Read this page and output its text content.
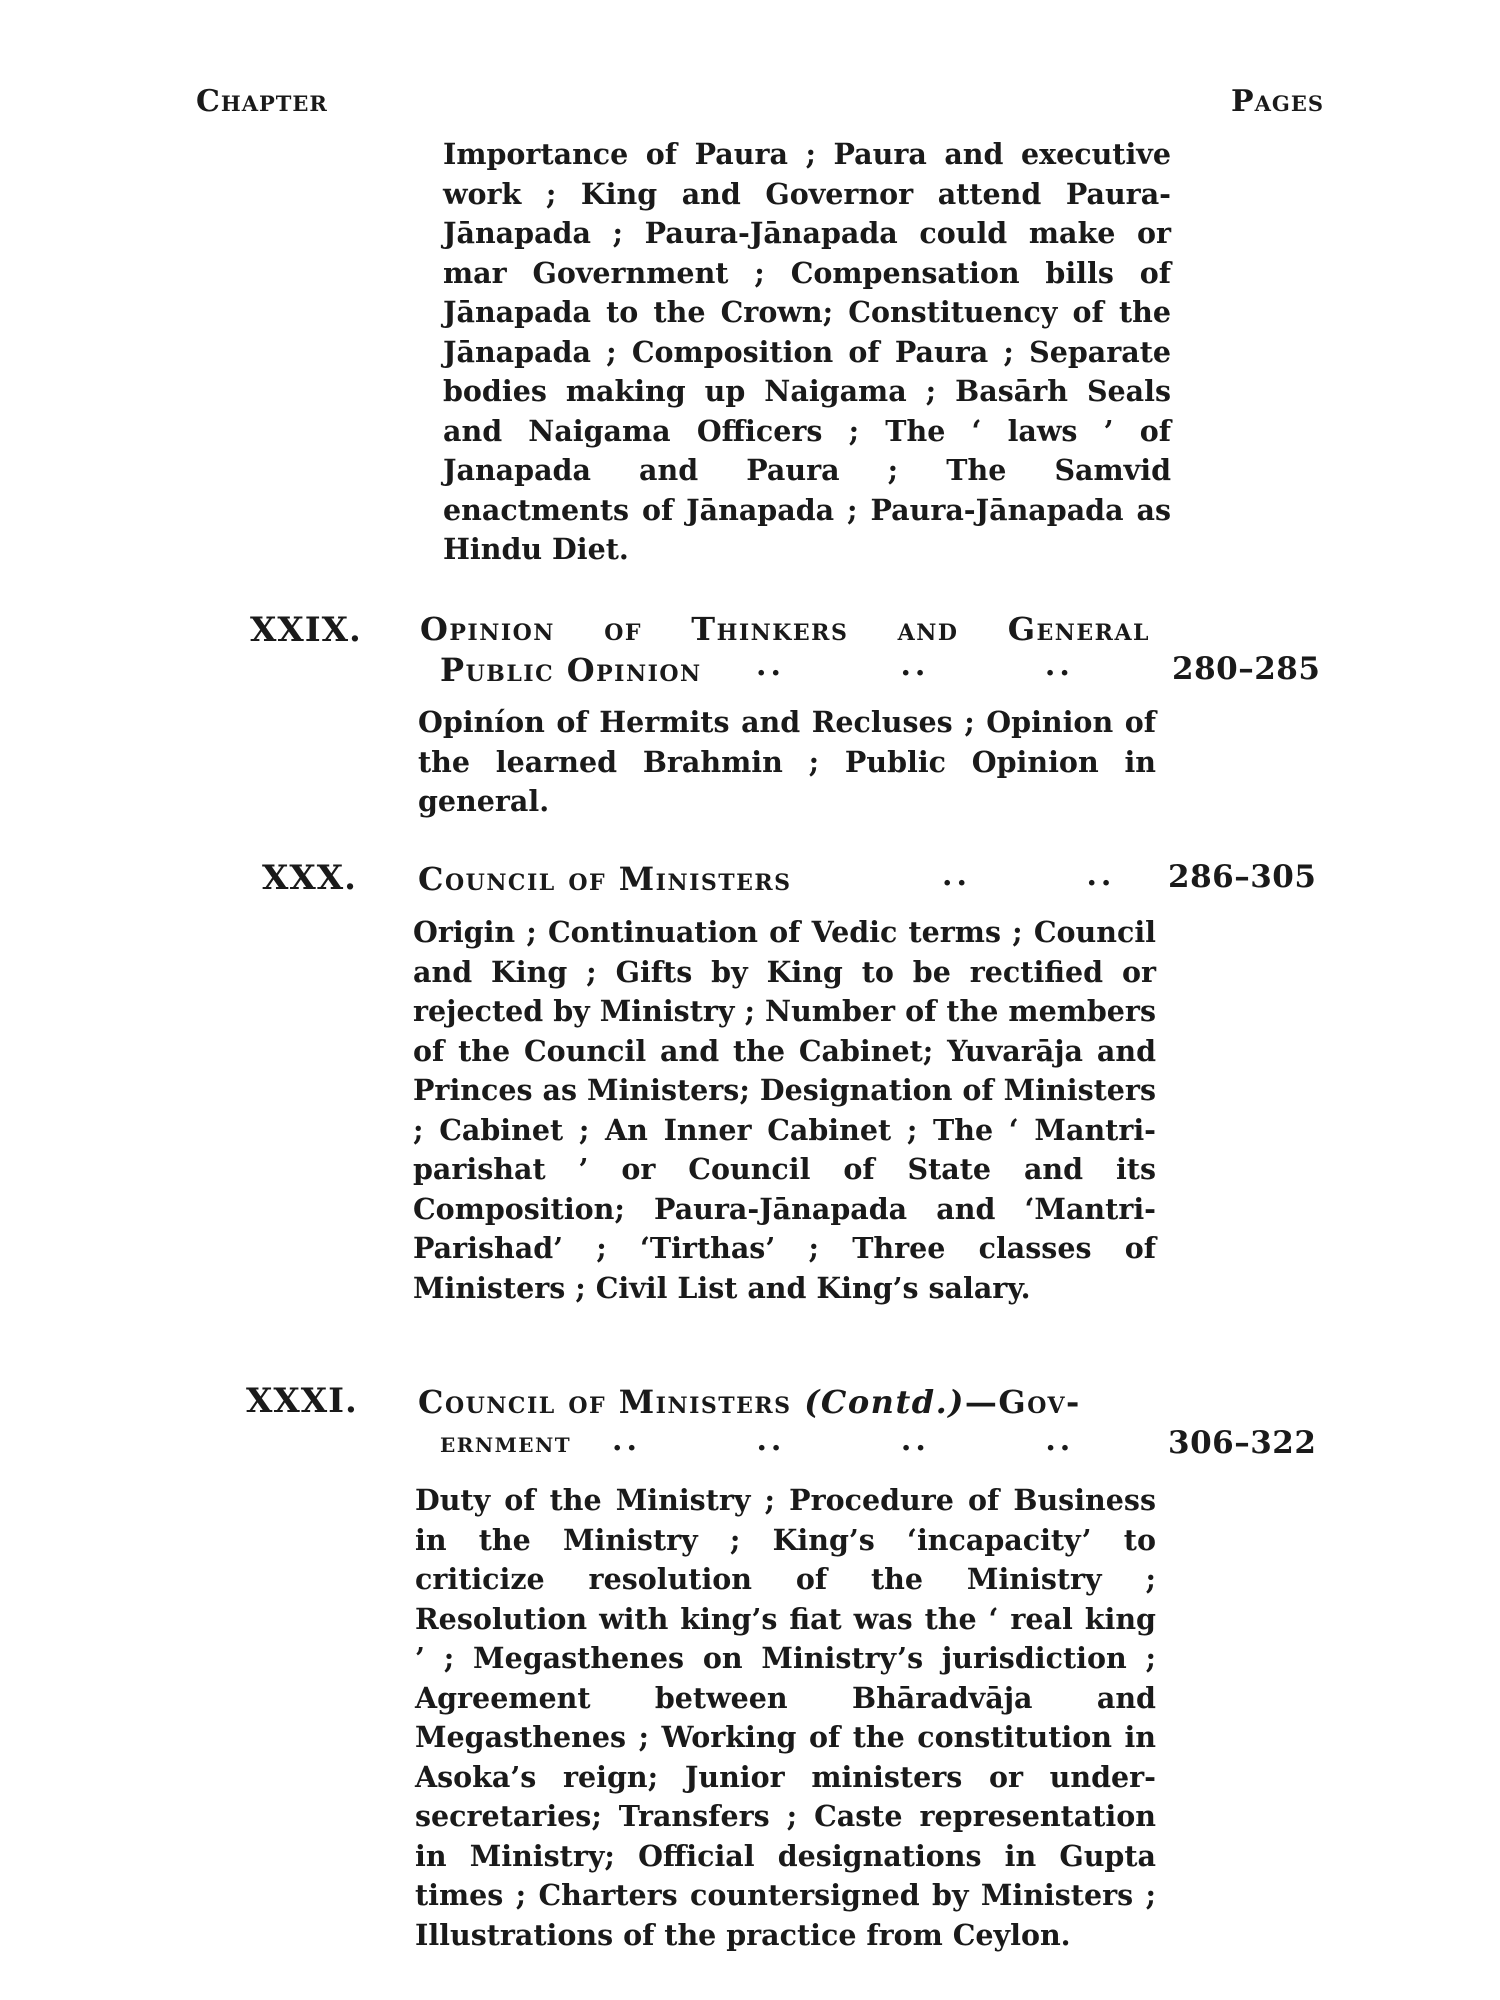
Chapter	Pages

Importance of Paura ; Paura and executive work ; King and Governor attend Paura-Jānapada ; Paura-Jānapada could make or mar Government ; Compensation bills of Jānapada to the Crown; Constituency of the Jānapada ; Composition of Paura ; Separate bodies making up Naigama ; Basārh Seals and Naigama Officers ; The ‘ laws ’ of Janapada and Paura ; The Samvid enactments of Jānapada ; Paura-Jānapada as Hindu Diet.

XXIX. Opinion of Thinkers and General
Public Opinion ..        ..        ..	280–285

Opiníon of Hermits and Recluses ; Opinion of the learned Brahmin ; Public Opinion in general.

XXX. Council of Ministers	..        .. 286–305

Origin ; Continuation of Vedic terms ; Council and King ; Gifts by King to be rectified or rejected by Ministry ; Number of the members of the Council and the Cabinet; Yuvarāja and Princes as Ministers; Designation of Ministers ; Cabinet ; An Inner Cabinet ; The ‘ Mantri-parishat ’ or Council of State and its Composition; Paura-Jānapada and ‘Mantri-Parishad’ ; ‘Tirthas’ ; Three classes of Ministers ; Civil List and King’s salary.

XXXI. Council of Ministers (Contd.)—Gov-
ernment ..        ..        ..        ..	306–322

Duty of the Ministry ; Procedure of Business in the Ministry ; King’s ‘incapacity’ to criticize resolution of the Ministry ; Resolution with king’s fiat was the ‘ real king ’ ; Megasthenes on Ministry’s jurisdiction ; Agreement between Bhāradvāja and Megasthenes ; Working of the constitution in Asoka’s reign; Junior ministers or under-secretaries; Transfers ; Caste representation in Ministry; Official designations in Gupta times ; Charters countersigned by Ministers ; Illustrations of the practice from Ceylon.
